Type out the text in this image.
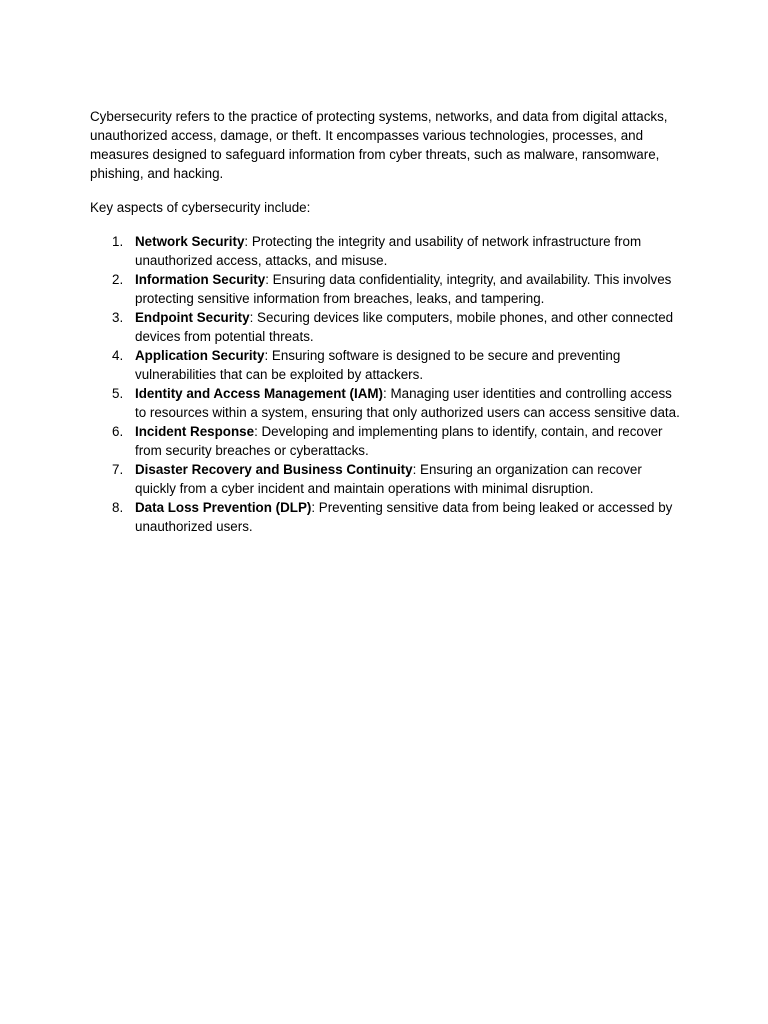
Cybersecurity refers to the practice of protecting systems, networks, and data from digital attacks, unauthorized access, damage, or theft. It encompasses various technologies, processes, and measures designed to safeguard information from cyber threats, such as malware, ransomware, phishing, and hacking.

Key aspects of cybersecurity include:

1. Network Security: Protecting the integrity and usability of network infrastructure from unauthorized access, attacks, and misuse.
2. Information Security: Ensuring data confidentiality, integrity, and availability. This involves protecting sensitive information from breaches, leaks, and tampering.
3. Endpoint Security: Securing devices like computers, mobile phones, and other connected devices from potential threats.
4. Application Security: Ensuring software is designed to be secure and preventing vulnerabilities that can be exploited by attackers.
5. Identity and Access Management (IAM): Managing user identities and controlling access to resources within a system, ensuring that only authorized users can access sensitive data.
6. Incident Response: Developing and implementing plans to identify, contain, and recover from security breaches or cyberattacks.
7. Disaster Recovery and Business Continuity: Ensuring an organization can recover quickly from a cyber incident and maintain operations with minimal disruption.
8. Data Loss Prevention (DLP): Preventing sensitive data from being leaked or accessed by unauthorized users.
